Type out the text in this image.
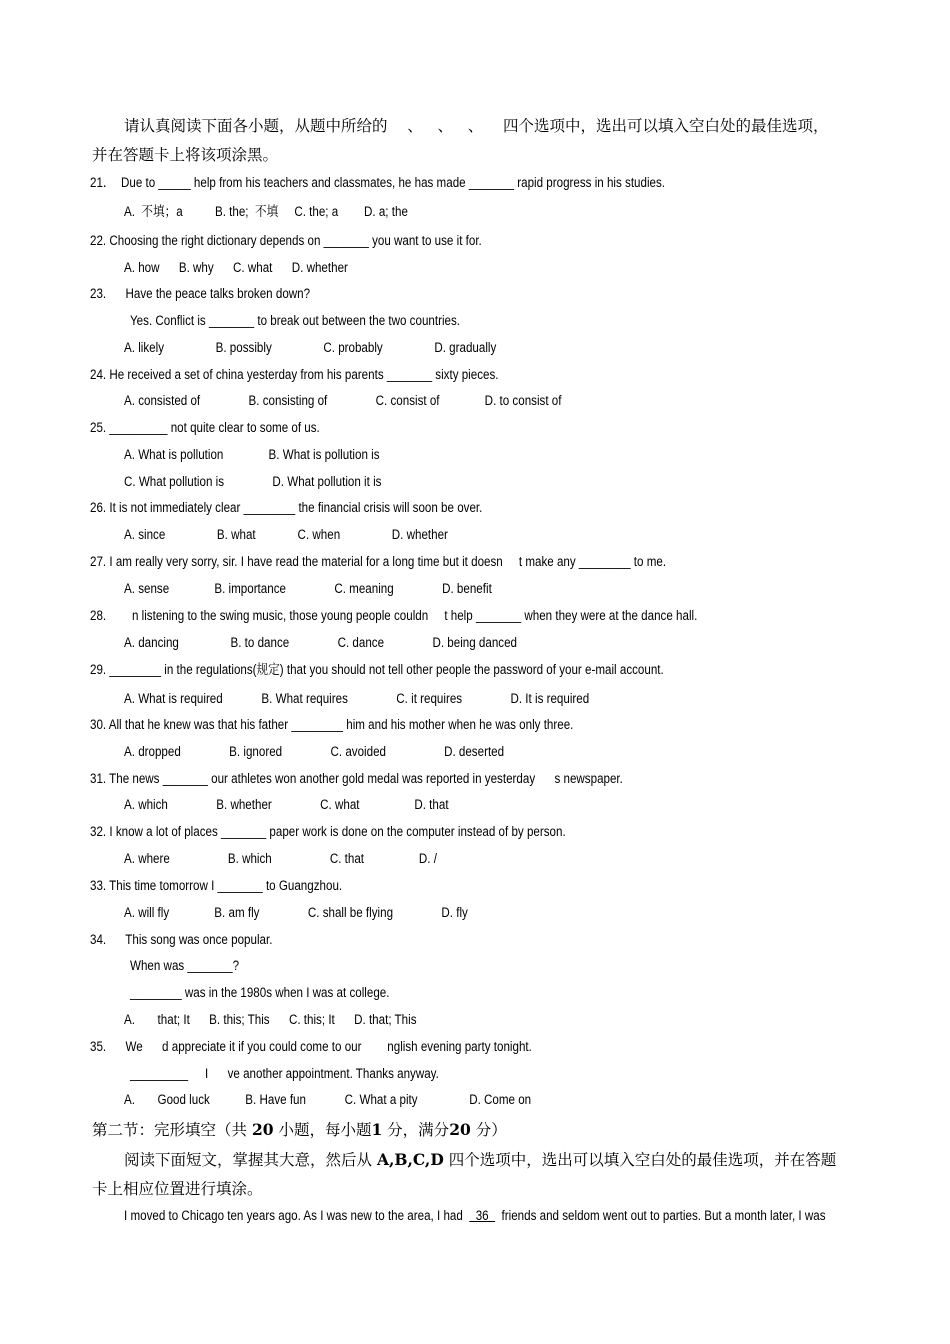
请认真阅读下面各小题，从题中所给的    、   、   、    四个选项中，选出可以填入空白处的最佳选项，
并在答题卡上将该项涂黑。
21．  Due to _____ help from his teachers and classmates, he has made _______ rapid progress in his studies.
A.  不填；a          B. the;  不填     C. the; a        D. a; the
22. Choosing the right dictionary depends on _______ you want to use it for.
A. how      B. why      C. what      D. whether
23.      Have the peace talks broken down?
Yes. Conflict is _______ to break out between the two countries.
A. likely                B. possibly                C. probably                D. gradually
24. He received a set of china yesterday from his parents _______ sixty pieces.
A. consisted of               B. consisting of               C. consist of              D. to consist of
25. _________ not quite clear to some of us.
A. What is pollution              B. What is pollution is
C. What pollution is               D. What pollution it is
26. It is not immediately clear ________ the financial crisis will soon be over.
A. since                B. what             C. when                D. whether
27. I am really very sorry, sir. I have read the material for a long time but it doesn     t make any ________ to me.
A. sense              B. importance               C. meaning               D. benefit
28.        n listening to the swing music, those young people couldn     t help _______ when they were at the dance hall.
A. dancing                B. to dance               C. dance               D. being danced
29. ________ in the regulations(规定) that you should not tell other people the password of your e-mail account.
A. What is required            B. What requires               C. it requires               D. It is required
30. All that he knew was that his father ________ him and his mother when he was only three.
A. dropped               B. ignored               C. avoided                  D. deserted
31. The news _______ our athletes won another gold medal was reported in yesterday      s newspaper.
A. which               B. whether               C. what                 D. that
32. I know a lot of places _______ paper work is done on the computer instead of by person.
A. where                  B. which                  C. that                 D. /
33. This time tomorrow I _______ to Guangzhou.
A. will fly              B. am fly               C. shall be flying               D. fly
34.      This song was once popular.
When was _______?
________ was in the 1980s when I was at college.
A.       that; It      B. this; This      C. this; It      D. that; This
35.      We      d appreciate it if you could come to our        nglish evening party tonight.
_________ I      ve another appointment. Thanks anyway.
A.       Good luck           B. Have fun            C. What a pity                D. Come on
第二节：完形填空（共 20 小题，每小题1 分，满分20 分）
阅读下面短文，掌握其大意，然后从 A,B,C,D 四个选项中，选出可以填入空白处的最佳选项，并在答题
卡上相应位置进行填涂。
I moved to Chicago ten years ago. As I was new to the area, I had    36    friends and seldom went out to parties. But a month later, I was
